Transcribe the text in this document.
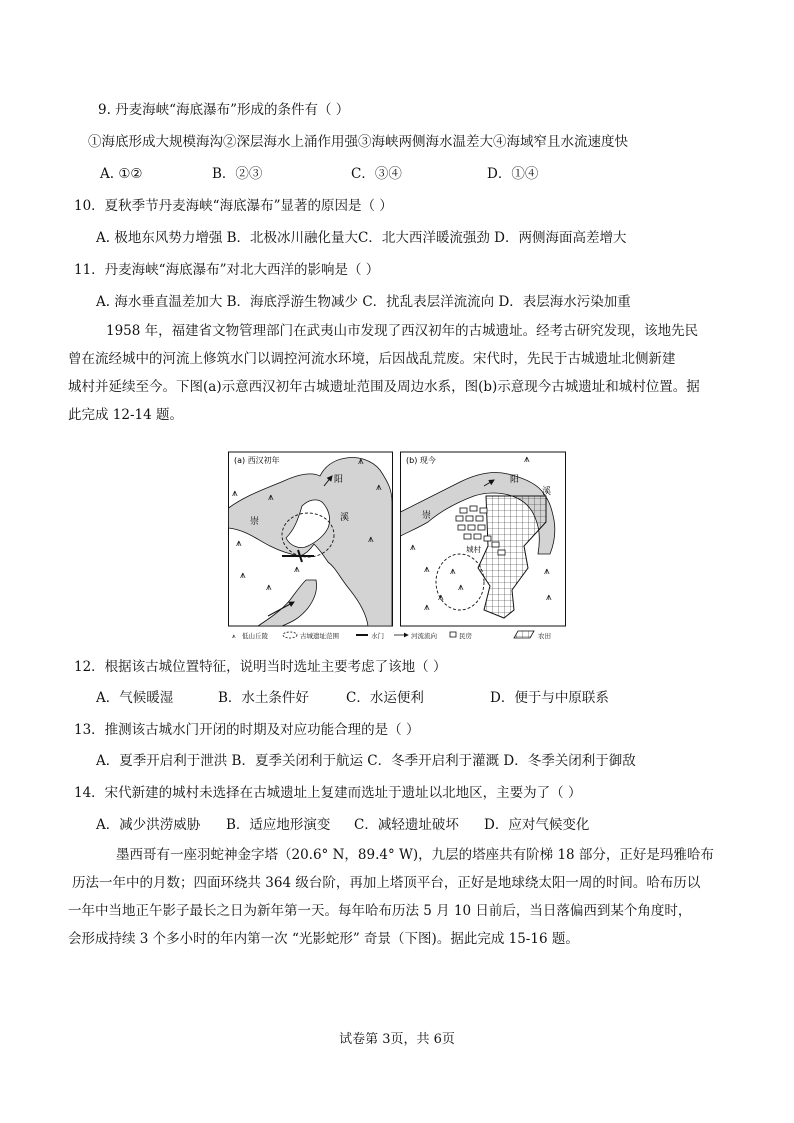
9. 丹麦海峡“海底瀑布”形成的条件有（ ）
①海底形成大规模海沟②深层海水上涌作用强③海峡两侧海水温差大④海域窄且水流速度快
A. ①②	B．②③	C．③④	D．①④
10．夏秋季节丹麦海峡“海底瀑布”显著的原因是（ ）
A. 极地东风势力增强 B．北极冰川融化量大C．北大西洋暖流强劲 D．两侧海面高差增大
11．丹麦海峡“海底瀑布”对北大西洋的影响是（ ）
A. 海水垂直温差加大 B．海底浮游生物减少 C．扰乱表层洋流流向 D．表层海水污染加重
1958 年，福建省文物管理部门在武夷山市发现了西汉初年的古城遗址。经考古研究发现，该地先民
曾在流经城中的河流上修筑水门以调控河流水环境，后因战乱荒废。宋代时，先民于古城遗址北侧新建
城村并延续至今。下图(a)示意西汉初年古城遗址范围及周边水系，图(b)示意现今古城遗址和城村位置。据
此完成 12-14 题。
(a) 西汉初年
崇
阳
溪
⩚
⩚
⩚
⩚
⩚
⩚
⩚
⩚
⩚
(b) 现今
崇
阳
溪
城村
⩚
⩚
⩚ ⩚
⩚
⩚
⩚
⩚
⩚
⩚ 低山丘陵	古城遗址范围	水门	河流流向	民房	农田
12．根据该古城位置特征，说明当时选址主要考虑了该地（ ）
A．气候暖湿	B．水土条件好	C．水运便利	D．便于与中原联系
13．推测该古城水门开闭的时期及对应功能合理的是（ ）
A．夏季开启利于泄洪 B．夏季关闭利于航运 C．冬季开启利于灌溉 D．冬季关闭利于御敌
14．宋代新建的城村未选择在古城遗址上复建而选址于遗址以北地区，主要为了（ ）
A．减少洪涝威胁 B．适应地形演变 C．减轻遗址破坏 D．应对气候变化
墨西哥有一座羽蛇神金字塔（20.6° N，89.4° W)，九层的塔座共有阶梯 18 部分，正好是玛雅哈布
历法一年中的月数；四面环绕共 364 级台阶，再加上塔顶平台，正好是地球绕太阳一周的时间。哈布历以
一年中当地正午影子最长之日为新年第一天。每年哈布历法 5 月 10 日前后，当日落偏西到某个角度时，
会形成持续 3 个多小时的年内第一次 “光影蛇形” 奇景（下图)。据此完成 15-16 题。
试卷第 3页，共 6页
